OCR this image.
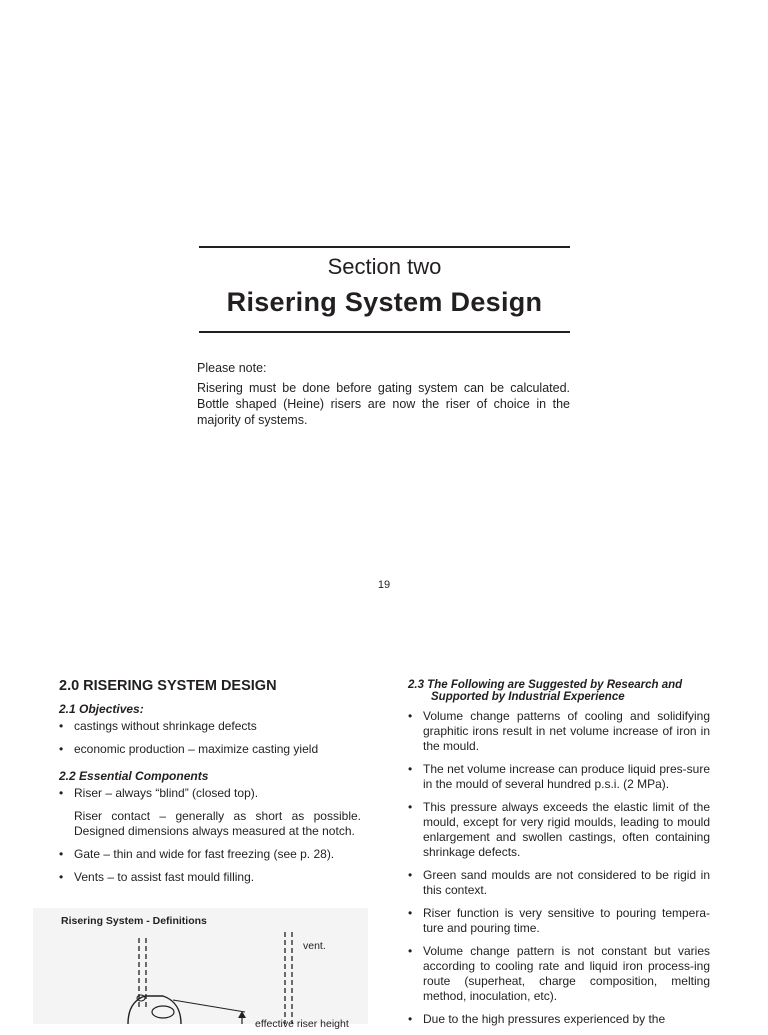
Section two
Risering System Design

Please note:

Risering must be done before gating system can be calculated. Bottle shaped (Heine) risers are now the riser of choice in the majority of systems.

19
2.0 RISERING SYSTEM DESIGN
2.1 Objectives:
• castings without shrinkage defects
• economic production – maximize casting yield
2.2 Essential Components
• Riser – always “blind” (closed top).
Riser contact – generally as short as possible. Designed dimensions always measured at the notch.
• Gate – thin and wide for fast freezing (see p. 28).
• Vents – to assist fast mould filling.
Risering System - Definitions
vent.
effective riser height
2.3 The Following are Suggested by Research and
Supported by Industrial Experience
• Volume change patterns of cooling and solidifying graphitic irons result in net volume increase of iron in the mould.
• The net volume increase can produce liquid pres-sure in the mould of several hundred p.s.i. (2 MPa).
• This pressure always exceeds the elastic limit of the mould, except for very rigid moulds, leading to mould enlargement and swollen castings, often containing shrinkage defects.
• Green sand moulds are not considered to be rigid in this context.
• Riser function is very sensitive to pouring tempera-ture and pouring time.
• Volume change pattern is not constant but varies according to cooling rate and liquid iron process-ing route (superheat, charge composition, melting method, inoculation, etc).
• Due to the high pressures experienced by the
